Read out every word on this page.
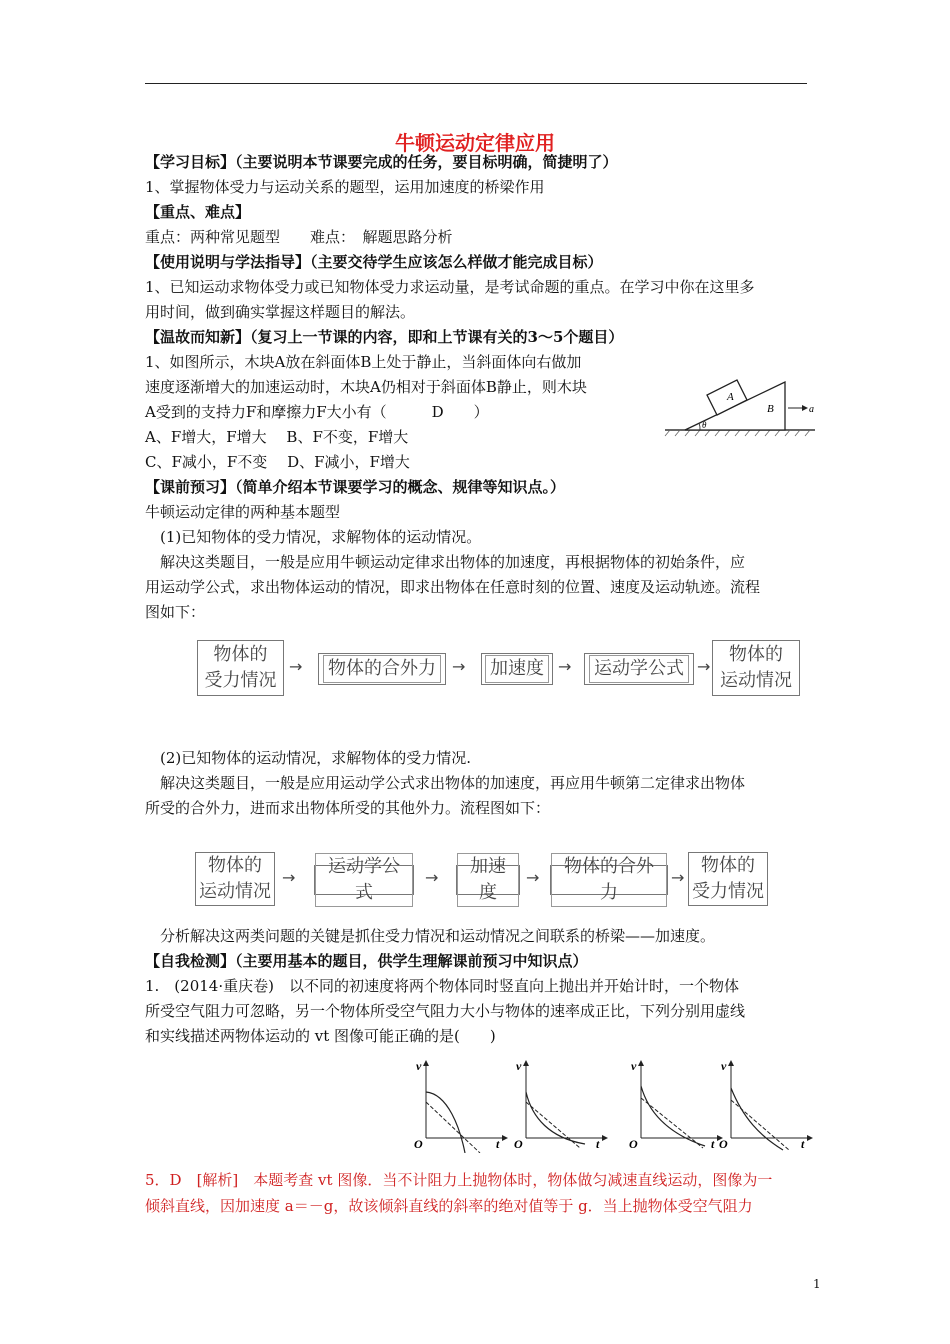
牛顿运动定律应用
【学习目标】（主要说明本节课要完成的任务，要目标明确，简捷明了）
1、掌握物体受力与运动关系的题型，运用加速度的桥梁作用
【重点、难点】
重点：两种常见题型　　难点：　解题思路分析
【使用说明与学法指导】（主要交待学生应该怎么样做才能完成目标）
1、已知运动求物体受力或已知物体受力求运动量，是考试命题的重点。在学习中你在这里多
用时间，做到确实掌握这样题目的解法。
【温故而知新】（复习上一节课的内容，即和上节课有关的3～5个题目）
1、如图所示，木块A放在斜面体B上处于静止，当斜面体向右做加
速度逐渐增大的加速运动时，木块A仍相对于斜面体B静止，则木块
A受到的支持力F和摩擦力F大小有（　　　D　　）
A、F增大，F增大　 B、F不变，F增大
C、F减小，F不变　 D、F减小，F增大
A
B	a
θ
【课前预习】（简单介绍本节课要学习的概念、规律等知识点。）
牛顿运动定律的两种基本题型
(1)已知物体的受力情况，求解物体的运动情况。
解决这类题目，一般是应用牛顿运动定律求出物体的加速度，再根据物体的初始条件，应
用运动学公式，求出物体运动的情况，即求出物体在任意时刻的位置、速度及运动轨迹。流程
图如下：
物体的
受力情况
→ 物体的合外力	→ 加速度 → 运动学公式 →
物体的
运动情况
(2)已知物体的运动情况，求解物体的受力情况.
解决这类题目，一般是应用运动学公式求出物体的加速度，再应用牛顿第二定律求出物体
所受的合外力，进而求出物体所受的其他外力。流程图如下：
物体的
运动情况
→
运动学公式
→
加速度
→
物体的合外力
→
物体的
受力情况
分析解决这两类问题的关键是抓住受力情况和运动情况之间联系的桥梁——加速度。
【自我检测】（主要用基本的题目，供学生理解课前预习中知识点）
1.　(2014·重庆卷)　以不同的初速度将两个物体同时竖直向上抛出并开始计时，一个物体
所受空气阻力可忽略，另一个物体所受空气阻力大小与物体的速率成正比，下列分别用虚线
和实线描述两物体运动的 vt 图像可能正确的是(　　)
v
O	t
v
O	t
v
O	t
v
O	t
5．D　[解析]　本题考查 vt 图像．当不计阻力上抛物体时，物体做匀减速直线运动，图像为一
倾斜直线，因加速度 a＝－g，故该倾斜直线的斜率的绝对值等于 g．当上抛物体受空气阻力
1
